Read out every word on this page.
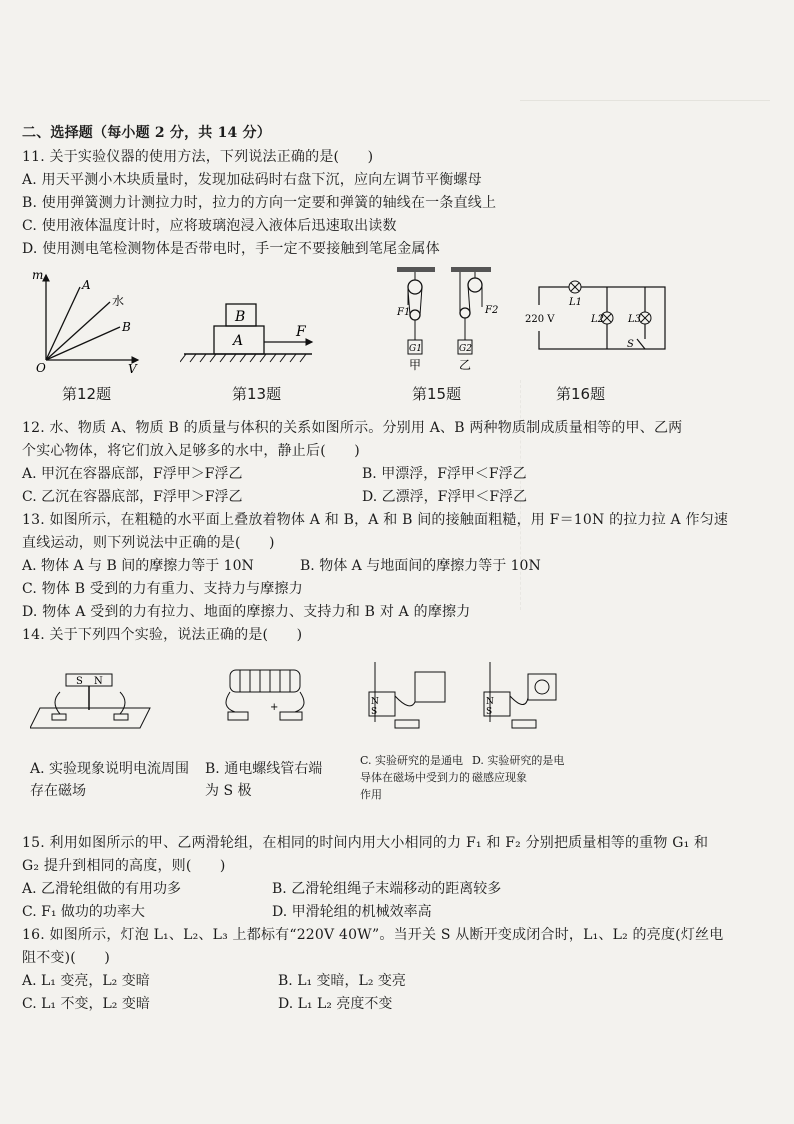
二、选择题（每小题 2 分，共 14 分）
11. 关于实验仪器的使用方法，下列说法正确的是(　　)
A. 用天平测小木块质量时，发现加砝码时右盘下沉，应向左调节平衡螺母
B. 使用弹簧测力计测拉力时，拉力的方向一定要和弹簧的轴线在一条直线上
C. 使用液体温度计时，应将玻璃泡浸入液体后迅速取出读数
D. 使用测电笔检测物体是否带电时，手一定不要接触到笔尾金属体
m
V
O
A
水
B
第12题
B
A
F
第13题
F1	F2
G1	G2
甲	乙
第15题
220 V
L1
L2 L3
S
第16题
12. 水、物质 A、物质 B 的质量与体积的关系如图所示。分别用 A、B 两种物质制成质量相等的甲、乙两
个实心物体，将它们放入足够多的水中，静止后(　　)
A. 甲沉在容器底部，F浮甲＞F浮乙	B. 甲漂浮，F浮甲＜F浮乙
C. 乙沉在容器底部，F浮甲＞F浮乙	D. 乙漂浮，F浮甲＜F浮乙
13. 如图所示，在粗糙的水平面上叠放着物体 A 和 B，A 和 B 间的接触面粗糙，用 F＝10N 的拉力拉 A 作匀速
直线运动，则下列说法中正确的是(　　)
A. 物体 A 与 B 间的摩擦力等于 10N	B. 物体 A 与地面间的摩擦力等于 10N
C. 物体 B 受到的力有重力、支持力与摩擦力
D. 物体 A 受到的力有拉力、地面的摩擦力、支持力和 B 对 A 的摩擦力
14. 关于下列四个实验，说法正确的是(　　)
S N
+	N
S
N
S
A. 实验现象说明电流周围存在磁场
B. 通电螺线管右端为 S 极
C. 实验研究的是通电导体在磁场中受到力的作用
D. 实验研究的是电磁感应现象
15. 利用如图所示的甲、乙两滑轮组，在相同的时间内用大小相同的力 F₁ 和 F₂ 分别把质量相等的重物 G₁ 和
G₂ 提升到相同的高度，则(　　)
A. 乙滑轮组做的有用功多	B. 乙滑轮组绳子末端移动的距离较多
C. F₁ 做功的功率大	D. 甲滑轮组的机械效率高
16. 如图所示，灯泡 L₁、L₂、L₃ 上都标有“220V 40W”。当开关 S 从断开变成闭合时，L₁、L₂ 的亮度(灯丝电
阻不变)(　　)
A. L₁ 变亮，L₂ 变暗	B. L₁ 变暗，L₂ 变亮
C. L₁ 不变，L₂ 变暗	D. L₁ L₂ 亮度不变
